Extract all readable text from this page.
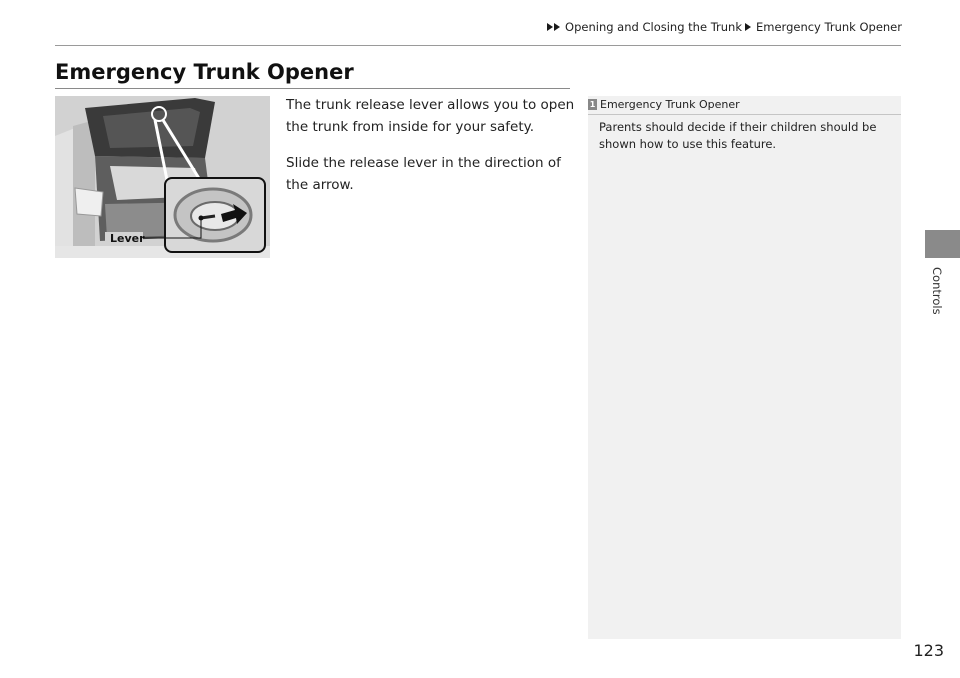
Opening and Closing the Trunk Emergency Trunk Opener
Emergency Trunk Opener
Lever

The trunk release lever allows you to open the trunk from inside for your safety.

Slide the release lever in the direction of the arrow.

1 Emergency Trunk Opener
Parents should decide if their children should be shown how to use this feature.
Controls
123
